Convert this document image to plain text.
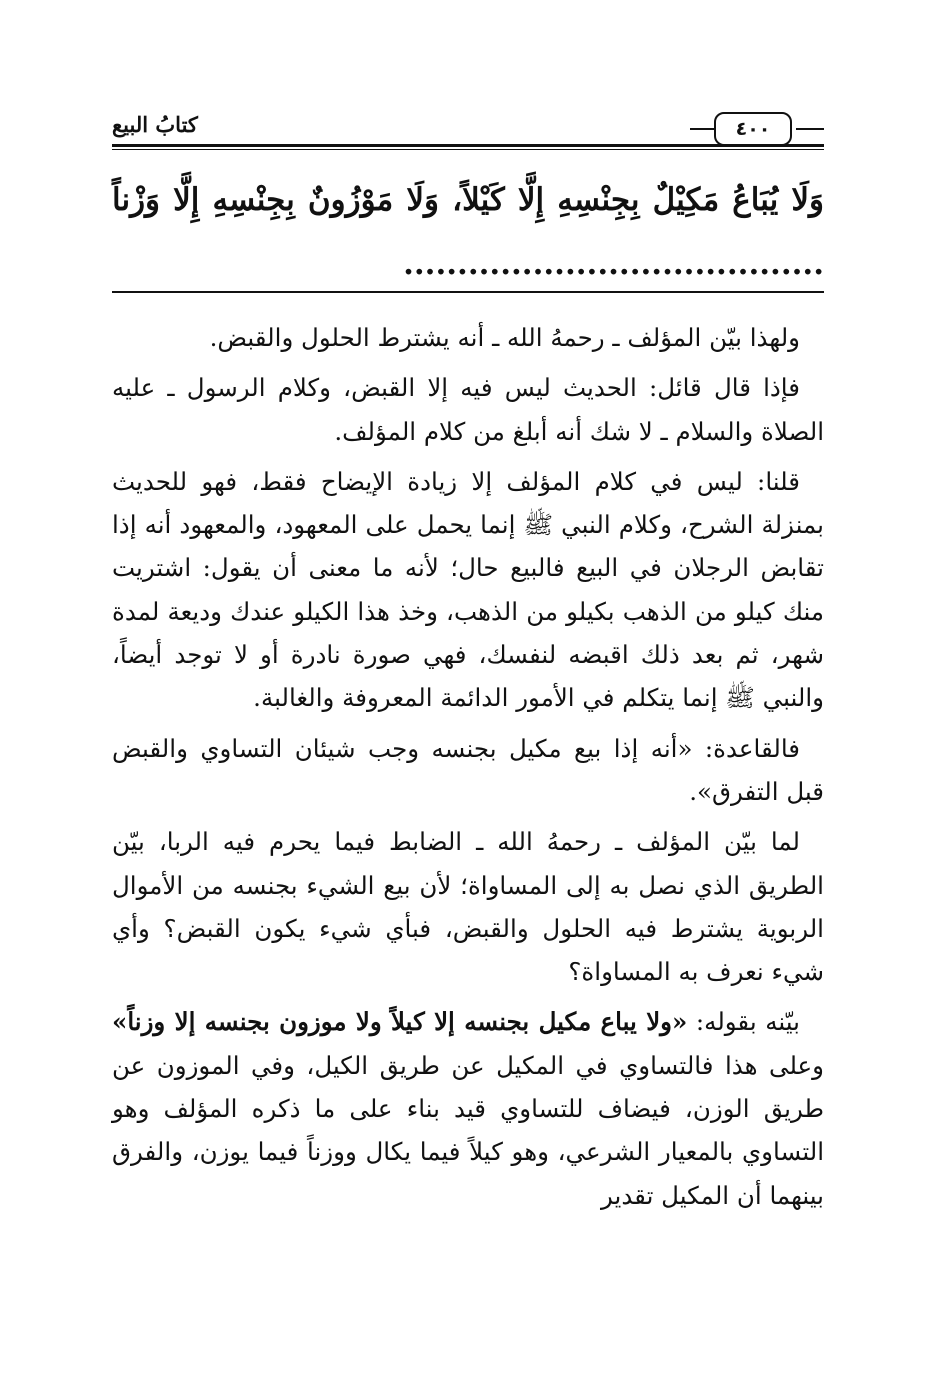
٤٠٠
كتابُ البيع
وَلَا يُبَاعُ مَكِيْلٌ بِجِنْسِهِ إِلَّا كَيْلاً، وَلَا مَوْزُونٌ بِجِنْسِهِ إِلَّا وَزْناً .......................................

ولهذا بيّن المؤلف ـ رحمهُ الله ـ أنه يشترط الحلول والقبض.

فإذا قال قائل: الحديث ليس فيه إلا القبض، وكلام الرسول ـ عليه الصلاة والسلام ـ لا شك أنه أبلغ من كلام المؤلف.

قلنا: ليس في كلام المؤلف إلا زيادة الإيضاح فقط، فهو للحديث بمنزلة الشرح، وكلام النبي ﷺ إنما يحمل على المعهود، والمعهود أنه إذا تقابض الرجلان في البيع فالبيع حال؛ لأنه ما معنى أن يقول: اشتريت منك كيلو من الذهب بكيلو من الذهب، وخذ هذا الكيلو عندك وديعة لمدة شهر، ثم بعد ذلك اقبضه لنفسك، فهي صورة نادرة أو لا توجد أيضاً، والنبي ﷺ إنما يتكلم في الأمور الدائمة المعروفة والغالبة.

فالقاعدة: «أنه إذا بيع مكيل بجنسه وجب شيئان التساوي والقبض قبل التفرق».

لما بيّن المؤلف ـ رحمهُ الله ـ الضابط فيما يحرم فيه الربا، بيّن الطريق الذي نصل به إلى المساواة؛ لأن بيع الشيء بجنسه من الأموال الربوية يشترط فيه الحلول والقبض، فبأي شيء يكون القبض؟ وأي شيء نعرف به المساواة؟

بيّنه بقوله: «ولا يباع مكيل بجنسه إلا كيلاً ولا موزون بجنسه إلا وزناً» وعلى هذا فالتساوي في المكيل عن طريق الكيل، وفي الموزون عن طريق الوزن، فيضاف للتساوي قيد بناء على ما ذكره المؤلف وهو التساوي بالمعيار الشرعي، وهو كيلاً فيما يكال ووزناً فيما يوزن، والفرق بينهما أن المكيل تقدير
